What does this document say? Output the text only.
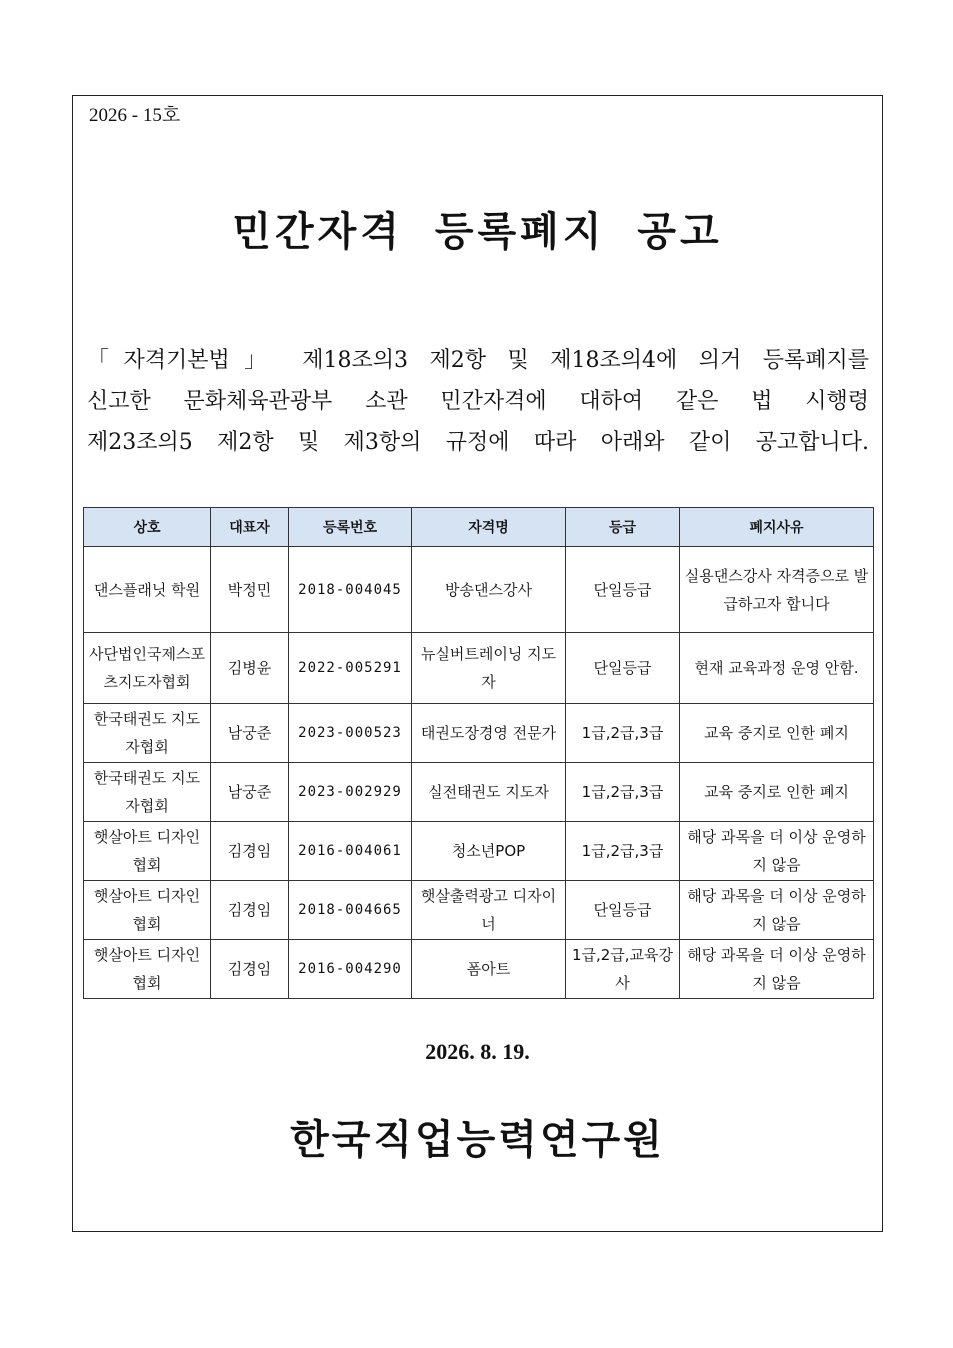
2026 - 15호
민간자격 등록폐지 공고
「자격기본법」 제18조의3 제2항 및 제18조의4에 의거 등록폐지를
신고한 문화체육관광부 소관 민간자격에 대하여 같은 법 시행령
제23조의5 제2항 및 제3항의 규정에 따라 아래와 같이 공고합니다.
상호	대표자	등록번호	자격명	등급	폐지사유
댄스플래닛 학원	박정민	2018-004045	방송댄스강사	단일등급	실용댄스강사 자격증으로 발급하고자 합니다
사단법인국제스포츠지도자협회	김병윤	2022-005291	뉴실버트레이닝 지도자	단일등급	현재 교육과정 운영 안함.
한국태권도 지도자협회	남궁준	2023-000523	태권도장경영 전문가	1급,2급,3급	교육 중지로 인한 폐지
한국태권도 지도자협회	남궁준	2023-002929	실전태권도 지도자	1급,2급,3급	교육 중지로 인한 폐지
햇살아트 디자인협회	김경임	2016-004061	청소년POP	1급,2급,3급	해당 과목을 더 이상 운영하지 않음
햇살아트 디자인협회	김경임	2018-004665	햇살출력광고 디자이너	단일등급	해당 과목을 더 이상 운영하지 않음
햇살아트 디자인협회	김경임	2016-004290	폼아트	1급,2급,교육강사	해당 과목을 더 이상 운영하지 않음
2026. 8. 19.
한국직업능력연구원
